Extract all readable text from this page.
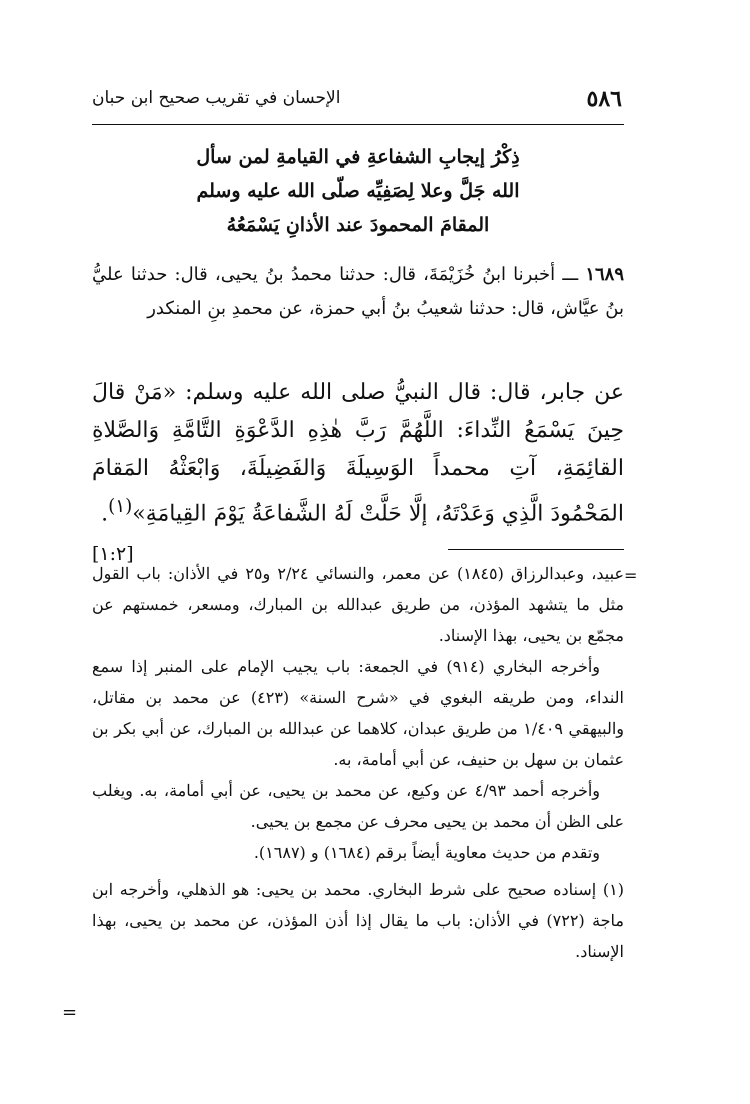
٥٨٦
الإحسان في تقريب صحيح ابن حبان
ذِكْرُ إيجابِ الشفاعةِ في القيامةِ لمن سأل
الله جَلَّ وعلا لِصَفِيِّه صلّى الله عليه وسلم
المقامَ المحمودَ عند الأذانِ يَسْمَعُهُ
١٦٨٩ ـــ أخبرنا ابنُ خُزَيْمَةَ، قال: حدثنا محمدُ بنُ يحيى، قال: حدثنا عليُّ بنُ عيَّاش، قال: حدثنا شعيبُ بنُ أبي حمزة، عن محمدِ بنِ المنكدر
عن جابر، قال: قال النبيُّ صلى الله عليه وسلم: «مَنْ قالَ حِينَ يَسْمَعُ النِّداءَ: اللَّهُمَّ رَبَّ هٰذِهِ الدَّعْوَةِ التَّامَّةِ وَالصَّلاةِ القائِمَةِ، آتِ محمداً الوَسِيلَةَ وَالفَضِيلَةَ، وَابْعَثْهُ المَقامَ المَحْمُودَ الَّذِي وَعَدْتَهُ، إلَّا حَلَّتْ لَهُ الشَّفاعَةُ يَوْمَ القِيامَةِ»$^{(١)}$.
[١:٢]
=

عبيد، وعبدالرزاق (١٨٤٥) عن معمر، والنسائي ٢/٢٤ و٢٥ في الأذان: باب القول مثل ما يتشهد المؤذن، من طريق عبدالله بن المبارك، ومسعر، خمستهم عن مجمّع بن يحيى، بهذا الإسناد.

وأخرجه البخاري (٩١٤) في الجمعة: باب يجيب الإمام على المنبر إذا سمع النداء، ومن طريقه البغوي في «شرح السنة» (٤٢٣) عن محمد بن مقاتل، والبيهقي ١/٤٠٩ من طريق عبدان، كلاهما عن عبدالله بن المبارك، عن أبي بكر بن عثمان بن سهل بن حنيف، عن أبي أمامة، به.

وأخرجه أحمد ٤/٩٣ عن وكيع، عن محمد بن يحيى، عن أبي أمامة، به. ويغلب على الظن أن محمد بن يحيى محرف عن مجمع بن يحيى.

وتقدم من حديث معاوية أيضاً برقم (١٦٨٤) و (١٦٨٧).

(١) إسناده صحيح على شرط البخاري. محمد بن يحيى: هو الذهلي، وأخرجه ابن ماجة (٧٢٢) في الأذان: باب ما يقال إذا أذن المؤذن، عن محمد بن يحيى، بهذا الإسناد.

=
